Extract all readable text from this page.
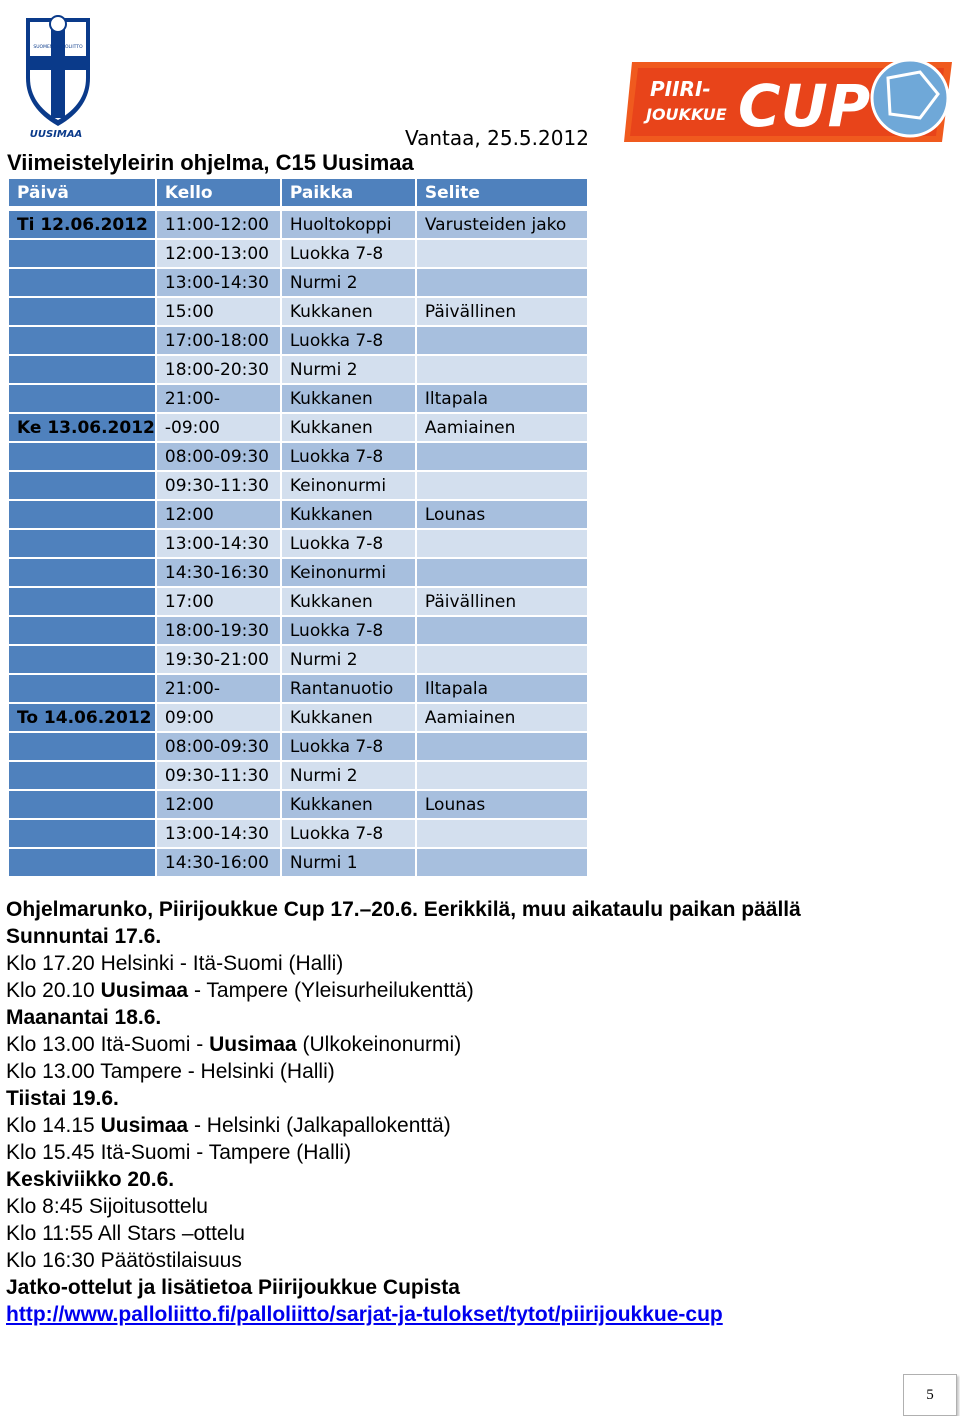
SUOMEN PALLOLIITTO
UUSIMAA
PIIRI-
JOUKKUE CUP
Vantaa, 25.5.2012
Viimeistelyleirin ohjelma, C15 Uusimaa
Päivä	Kello	Paikka	Selite

Ti 12.06.2012	11:00-12:00	Huoltokoppi	Varusteiden jako
	12:00-13:00	Luokka 7-8	
	13:00-14:30	Nurmi 2	
	15:00	Kukkanen	Päivällinen
	17:00-18:00	Luokka 7-8	
	18:00-20:30	Nurmi 2	
	21:00-	Kukkanen	Iltapala
Ke 13.06.2012	-09:00	Kukkanen	Aamiainen
	08:00-09:30	Luokka 7-8	
	09:30-11:30	Keinonurmi	
	12:00	Kukkanen	Lounas
	13:00-14:30	Luokka 7-8	
	14:30-16:30	Keinonurmi	
	17:00	Kukkanen	Päivällinen
	18:00-19:30	Luokka 7-8	
	19:30-21:00	Nurmi 2	
	21:00-	Rantanuotio	Iltapala
To 14.06.2012	09:00	Kukkanen	Aamiainen
	08:00-09:30	Luokka 7-8	
	09:30-11:30	Nurmi 2	
	12:00	Kukkanen	Lounas
	13:00-14:30	Luokka 7-8	
	14:30-16:00	Nurmi 1	
Ohjelmarunko, Piirijoukkue Cup 17.–20.6. Eerikkilä, muu aikataulu paikan päällä
Sunnuntai 17.6.
Klo 17.20 Helsinki - Itä-Suomi (Halli)
Klo 20.10 Uusimaa - Tampere (Yleisurheilukenttä)
Maanantai 18.6.
Klo 13.00 Itä-Suomi - Uusimaa (Ulkokeinonurmi)
Klo 13.00 Tampere - Helsinki (Halli)
Tiistai 19.6.
Klo 14.15 Uusimaa - Helsinki (Jalkapallokenttä)
Klo 15.45 Itä-Suomi - Tampere (Halli)
Keskiviikko 20.6.
Klo 8:45 Sijoitusottelu
Klo 11:55 All Stars –ottelu
Klo 16:30 Päätöstilaisuus
Jatko-ottelut ja lisätietoa Piirijoukkue Cupista
http://www.palloliitto.fi/palloliitto/sarjat-ja-tulokset/tytot/piirijoukkue-cup
5
